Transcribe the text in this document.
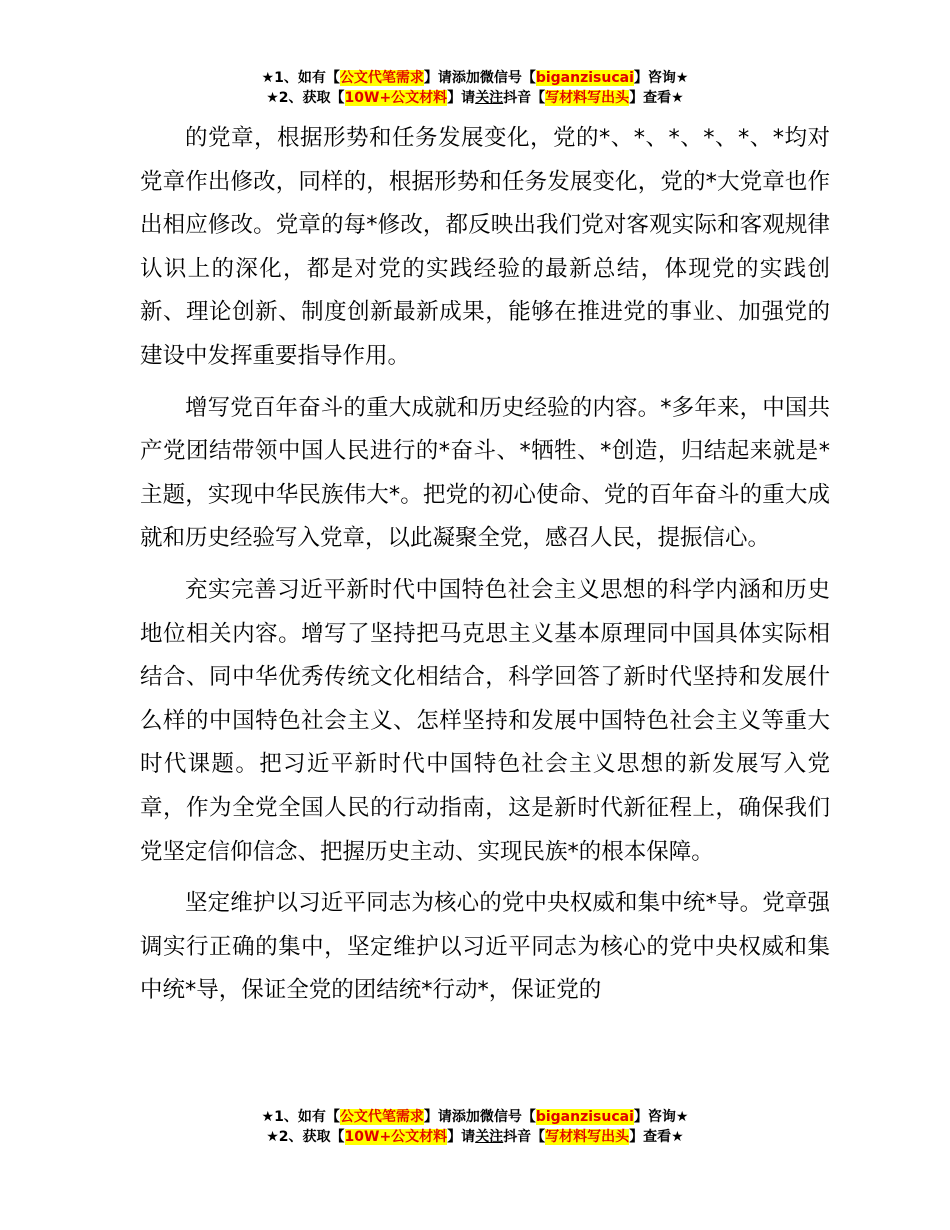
★1、如有【公文代笔需求】请添加微信号【biganzisucai】咨询★
★2、获取【10W+公文材料】请关注抖音【写材料写出头】查看★

的党章，根据形势和任务发展变化，党的*、*、*、*、*、*均对党章作出修改，同样的，根据形势和任务发展变化，党的*大党章也作出相应修改。党章的每*修改，都反映出我们党对客观实际和客观规律认识上的深化，都是对党的实践经验的最新总结，体现党的实践创新、理论创新、制度创新最新成果，能够在推进党的事业、加强党的建设中发挥重要指导作用。

增写党百年奋斗的重大成就和历史经验的内容。*多年来，中国共产党团结带领中国人民进行的*奋斗、*牺牲、*创造，归结起来就是*主题，实现中华民族伟大*。把党的初心使命、党的百年奋斗的重大成就和历史经验写入党章，以此凝聚全党，感召人民，提振信心。

充实完善习近平新时代中国特色社会主义思想的科学内涵和历史地位相关内容。增写了坚持把马克思主义基本原理同中国具体实际相结合、同中华优秀传统文化相结合，科学回答了新时代坚持和发展什么样的中国特色社会主义、怎样坚持和发展中国特色社会主义等重大时代课题。把习近平新时代中国特色社会主义思想的新发展写入党章，作为全党全国人民的行动指南，这是新时代新征程上，确保我们党坚定信仰信念、把握历史主动、实现民族*的根本保障。

坚定维护以习近平同志为核心的党中央权威和集中统*导。党章强调实行正确的集中，坚定维护以习近平同志为核心的党中央权威和集中统*导，保证全党的团结统*行动*，保证党的

★1、如有【公文代笔需求】请添加微信号【biganzisucai】咨询★
★2、获取【10W+公文材料】请关注抖音【写材料写出头】查看★
